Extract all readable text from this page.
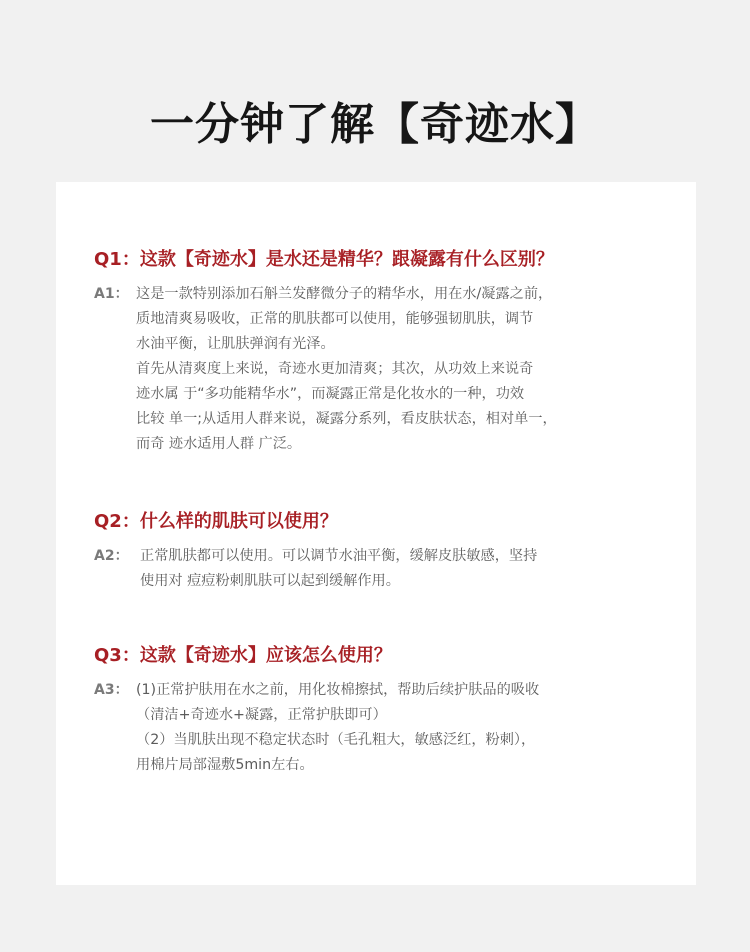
一分钟了解【奇迹水】
Q1：这款【奇迹水】是水还是精华？跟凝露有什么区别？
A1： 这是一款特别添加石斛兰发酵微分子的精华水，用在水/凝露之前，
质地清爽易吸收，正常的肌肤都可以使用，能够强韧肌肤，调节
水油平衡，让肌肤弹润有光泽。
首先从清爽度上来说，奇迹水更加清爽；其次，从功效上来说奇
迹水属 于“多功能精华水”，而凝露正常是化妆水的一种，功效
比较 单一;从适用人群来说，凝露分系列，看皮肤状态，相对单一，
而奇 迹水适用人群 广泛。
Q2：什么样的肌肤可以使用？
A2： 正常肌肤都可以使用。可以调节水油平衡，缓解皮肤敏感，坚持
使用对 痘痘粉刺肌肤可以起到缓解作用。
Q3：这款【奇迹水】应该怎么使用？
A3： (1)正常护肤用在水之前，用化妆棉擦拭，帮助后续护肤品的吸收
（清洁+奇迹水+凝露，正常护肤即可）
（2）当肌肤出现不稳定状态时（毛孔粗大，敏感泛红，粉刺），
用棉片局部湿敷5min左右。
